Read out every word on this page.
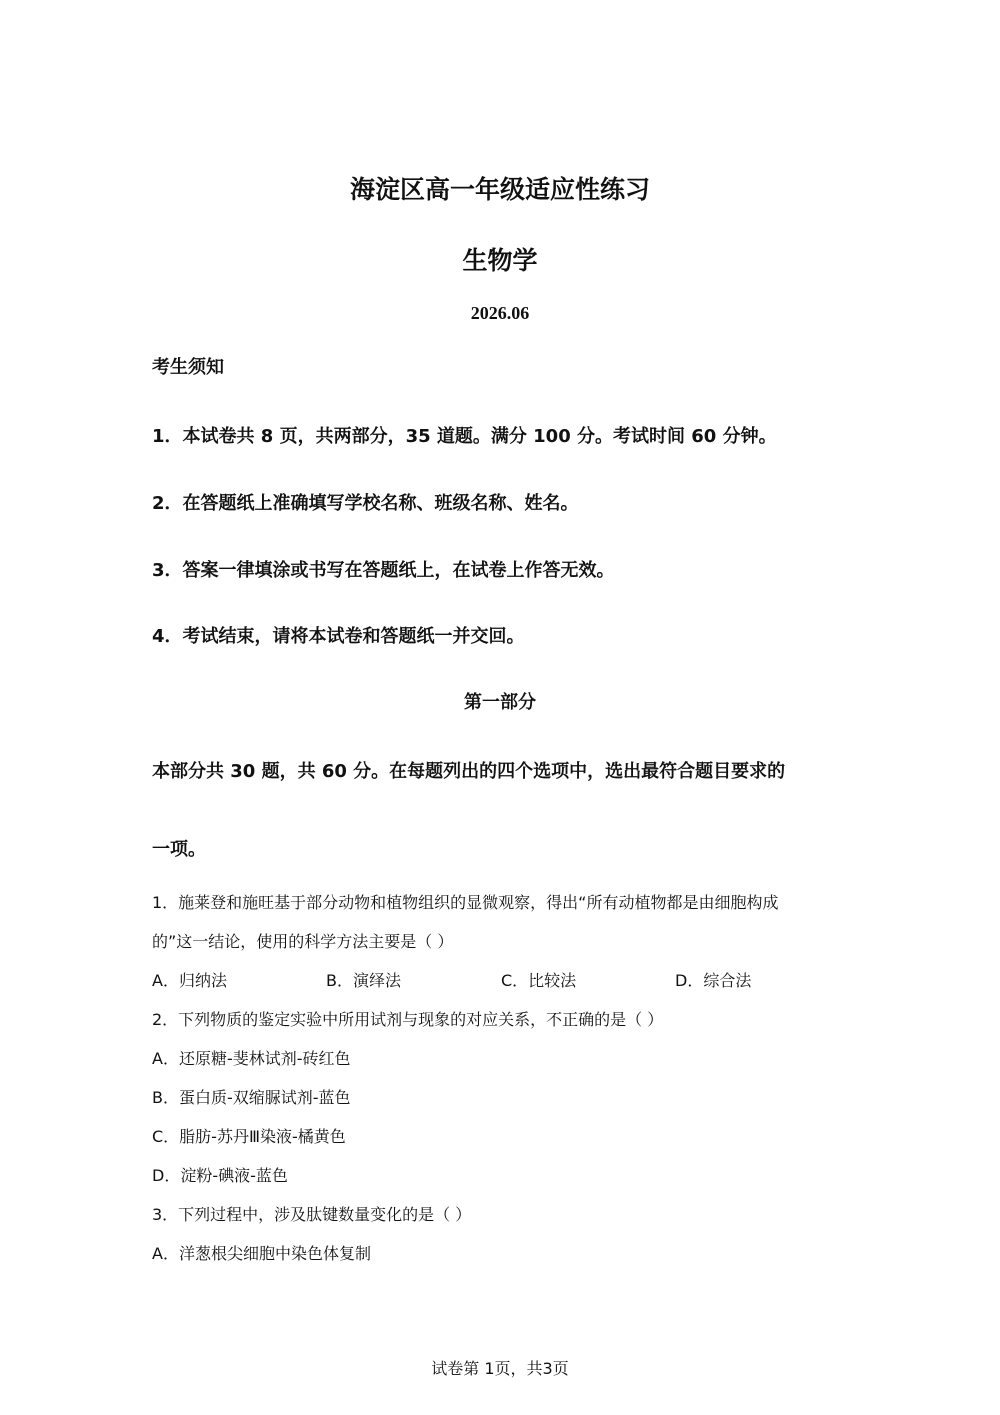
海淀区高一年级适应性练习
生物学
2026.06
考生须知
1．本试卷共 8 页，共两部分，35 道题。满分 100 分。考试时间 60 分钟。
2．在答题纸上准确填写学校名称、班级名称、姓名。
3．答案一律填涂或书写在答题纸上，在试卷上作答无效。
4．考试结束，请将本试卷和答题纸一并交回。
第一部分
本部分共 30 题，共 60 分。在每题列出的四个选项中，选出最符合题目要求的
一项。
1．施莱登和施旺基于部分动物和植物组织的显微观察，得出“所有动植物都是由细胞构成
的”这一结论，使用的科学方法主要是（ ）
A．归纳法	B．演绎法	C．比较法	D．综合法
2．下列物质的鉴定实验中所用试剂与现象的对应关系，不正确的是（ ）
A．还原糖-斐林试剂-砖红色
B．蛋白质-双缩脲试剂-蓝色
C．脂肪-苏丹Ⅲ染液-橘黄色
D．淀粉-碘液-蓝色
3．下列过程中，涉及肽键数量变化的是（ ）
A．洋葱根尖细胞中染色体复制
试卷第 1页，共3页
